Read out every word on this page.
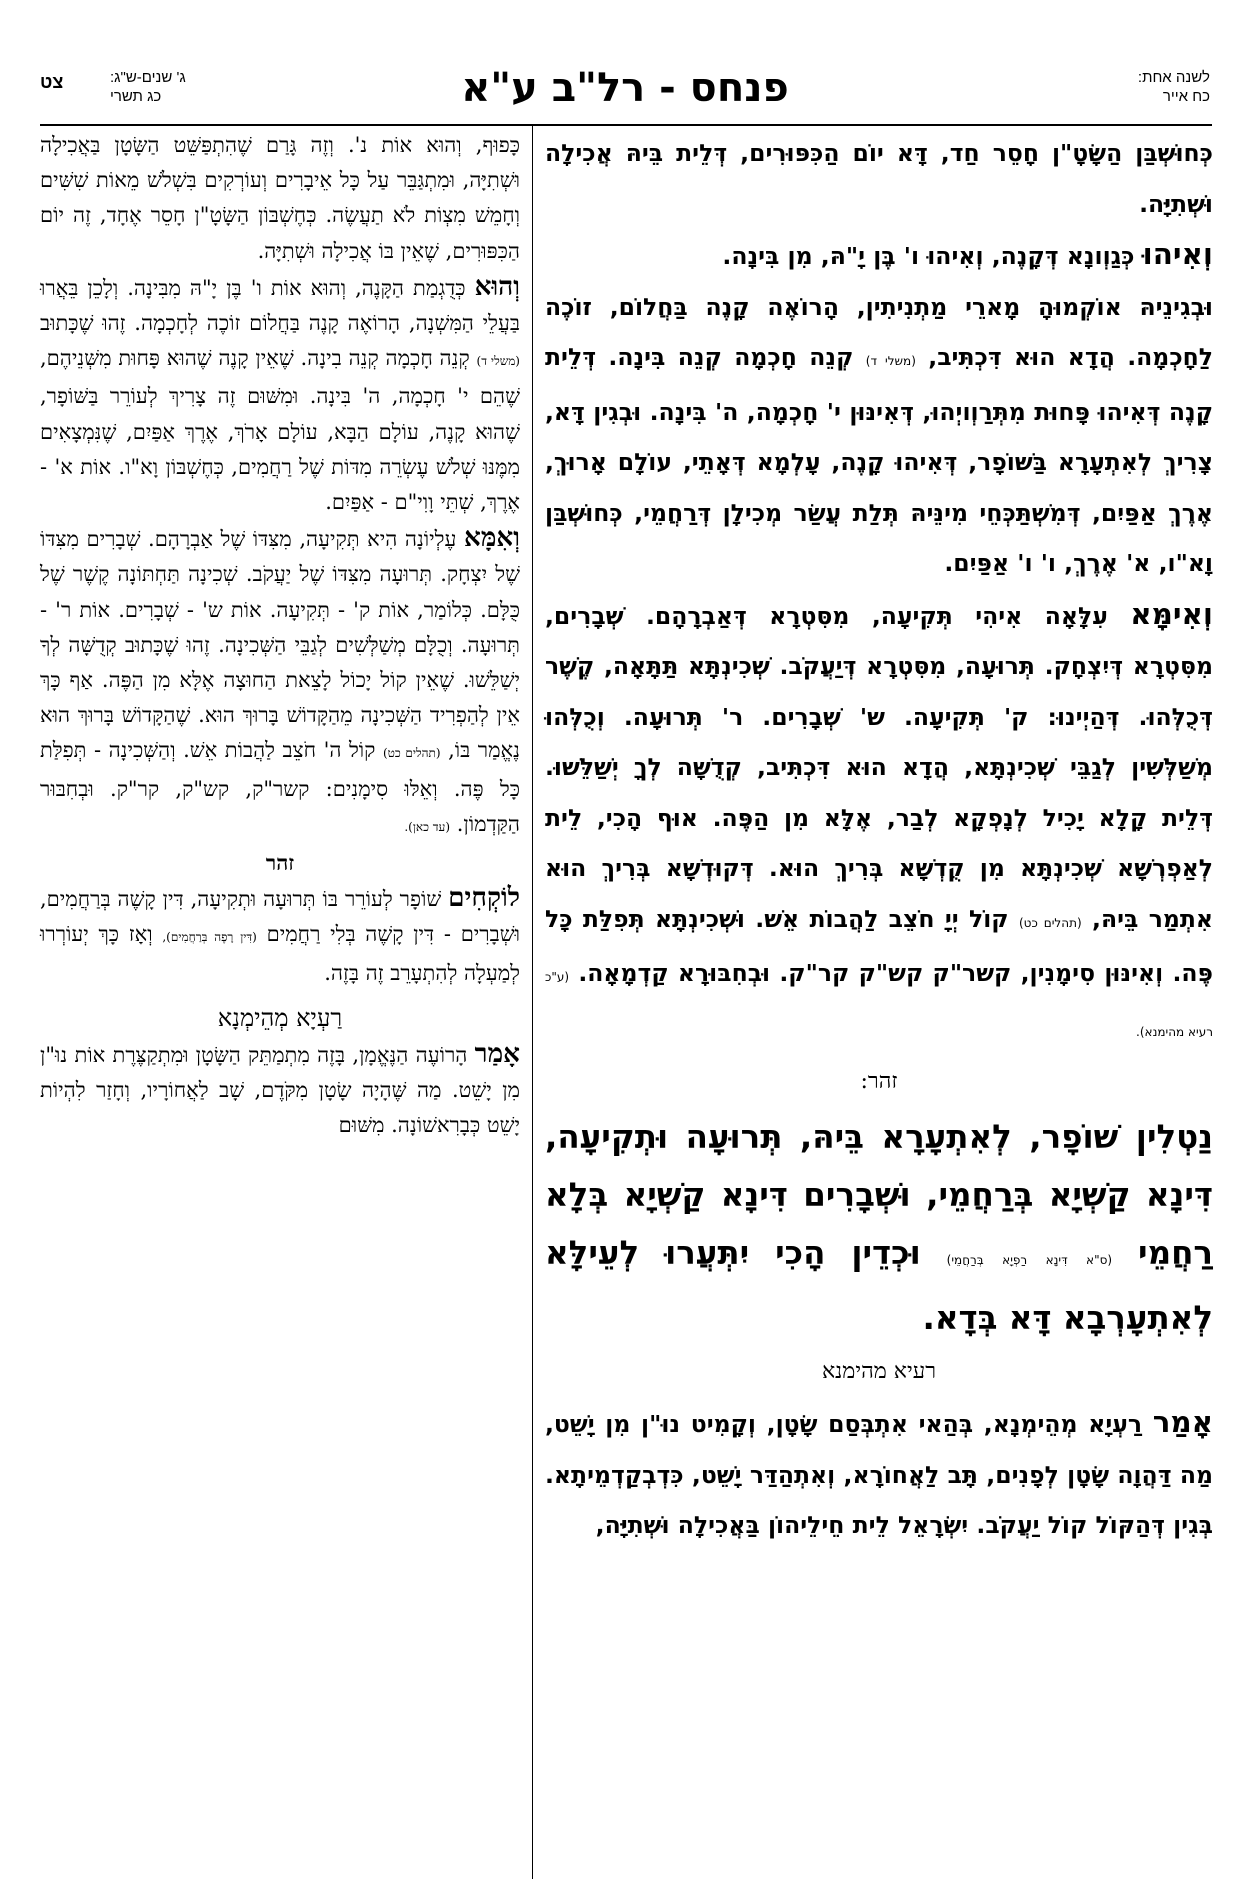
לשנה אחת:
כח אייר
פנחס - רל"ב ע"א
ג' שנים-ש"ג:
כג תשרי
צט

כְּחוּשְׁבַּן הַשָּׂטָ"ן חָסֵר חַד, דָּא יוֹם הַכִּפּוּרִים, דְּלֵית בֵּיהּ אֲכִילָה וּשְׁתִיָּה.

וְאִיהוּ כְּגַוְונָא דְּקָנֶה, וְאִיהוּ ו' בֶּן יָ"הּ, מִן בִּינָה.

וּבְגִינֵיהּ אוֹקְמוּהָ מָארֵי מַתְנִיתִין, הָרוֹאֶה קָנֶה בַּחֲלוֹם, זוֹכֶה לַחָכְמָה. הֲדָא הוּא דִּכְתִּיב, (משלי ד) קְנֵה חָכְמָה קְנֵה בִּינָה. דְּלֵית קָנֶה דְּאִיהוּ פָּחוּת מִתְּרַוְויְהוּ, דְּאִינּוּן י' חָכְמָה, ה' בִּינָה. וּבְגִין דָּא, צָרִיךְ לְאִתְעָרָא בַּשּׁוֹפָר, דְּאִיהוּ קָנֶה, עָלְמָא דְּאָתֵי, עוֹלָם אָרוּךְ, אֶרֶךְ אַפַּיִם, דְּמִשְׁתַּכְּחֵי מִינֵּיהּ תְּלַת עֲשַׂר מְכִילָן דְּרַחֲמֵי, כְּחוּשְׁבַּן וָא"ו, א' אֶרֶךְ, ו' ו' אַפַּיִם.

וְאִימָּא עִלָּאָה אִיהִי תְּקִיעָה, מִסִּטְרָא דְּאַבְרָהָם. שְׁבָרִים, מִסִּטְרָא דְּיִצְחָק. תְּרוּעָה, מִסִּטְרָא דְּיַעֲקֹב. שְׁכִינְתָּא תַּתָּאָה, קֶשֶׁר דְּכֻלְּהוּ. דְּהַיְינוּ: ק' תְּקִיעָה. ש' שְׁבָרִים. ר' תְּרוּעָה. וְכֻלְּהוּ מְשַׁלְּשִׁין לְגַבֵּי שְׁכִינְתָּא, הֲדָא הוּא דִּכְתִּיב, קְדֻשָּׁה לְךָ יְשַׁלֵּשׁוּ. דְּלֵית קָלָא יָכִיל לְנָפְקָא לְבַר, אֶלָּא מִן הַפֶּה. אוּף הָכִי, לֵית לְאַפְרְשָׁא שְׁכִינְתָּא מִן קֻדְשָׁא בְּרִיךְ הוּא. דְּקוּדְשָׁא בְּרִיךְ הוּא אִתְמַר בֵּיהּ, (תהלים כט) קוֹל יְיָ חֹצֵב לַהֲבוֹת אֵשׁ. וּשְׁכִינְתָּא תְּפִלַּת כָּל פֶּה. וְאִינּוּן סִימָנִין, קשר"ק קש"ק קר"ק. וּבְחִבּוּרָא קַדְמָאָה. (ע"כ רעיא מהימנא).

זהר:

נַטְלִין שׁוֹפָר, לְאִתְעָרָא בֵּיהּ, תְּרוּעָה וּתְקִיעָה, דִּינָא קַשְׁיָא בְּרַחֲמֵי, וּשְׁבָרִים דִּינָא קַשְׁיָא בְּלָא רַחֲמֵי (ס"א דִּינָא רַפְיָא בְּרַחֲמֵי) וּכְדֵין הָכִי יִתְּעֲרוּ לְעֵילָּא לְאִתְעָרְבָא דָּא בְּדָא.

רעיא מהימנא

אָמַר רַעְיָא מְהֵימְנָא, בְּהַאי אִתְבְּסַם שָׂטָן, וְקָמִיט נוּ"ן מִן יָשֵׁט, מַה דַּהֲוָה שָׂטָן לְפָנִים, תָּב לַאֲחוֹרָא, וְאִתְהַדַּר יָשֵׁט, כִּדְבְקַדְמֵיתָא. בְּגִין דְּהַקּוֹל קוֹל יַעֲקֹב. יִשְׂרָאֵל לֵית חֵילֵיהוֹן בַּאֲכִילָה וּשְׁתִיָּה,

כָּפוּף, וְהוּא אוֹת נ'. וְזֶה גָּרַם שֶׁהִתְפַּשֵּׁט הַשָּׂטָן בַּאֲכִילָה וּשְׁתִיָּה, וּמִתְגַּבֵּר עַל כָּל אֵיבָרִים וְעוֹרְקִים בִּשְׁלֹשׁ מֵאוֹת שִׁשִּׁים וְחָמֵשׁ מִצְוֹת לֹא תַעֲשֶׂה. כְּחֶשְׁבּוֹן הַשָּׂטָ"ן חָסֵר אֶחָד, זֶה יוֹם הַכִּפּוּרִים, שֶׁאֵין בּוֹ אֲכִילָה וּשְׁתִיָּה.

וְהוּא כְּדֻגְמַת הַקָּנֶה, וְהוּא אוֹת ו' בֶּן יָ"הּ מִבִּינָה. וְלָכֵן בֵּאֲרוּ בַּעֲלֵי הַמִּשְׁנָה, הָרוֹאֶה קָנֶה בַּחֲלוֹם זוֹכֶה לְחָכְמָה. זֶהוּ שֶׁכָּתוּב (משלי ד) קְנֵה חָכְמָה קְנֵה בִינָה. שֶׁאֵין קָנֶה שֶׁהוּא פָּחוּת מִשְּׁנֵיהֶם, שֶׁהֵם י' חָכְמָה, ה' בִּינָה. וּמִשּׁוּם זֶה צָרִיךְ לְעוֹרֵר בַּשּׁוֹפָר, שֶׁהוּא קָנֶה, עוֹלָם הַבָּא, עוֹלָם אָרֹךְ, אֶרֶךְ אַפַּיִם, שֶׁנִּמְצָאִים מִמֶּנּוּ שְׁלֹשׁ עֶשְׂרֵה מִדּוֹת שֶׁל רַחֲמִים, כְּחֶשְׁבּוֹן וָא"ו. אוֹת א' - אֶרֶךְ, שְׁתֵּי וָוִי"ם - אַפַּיִם.

וְאִמָּא עֶלְיוֹנָה הִיא תְּקִיעָה, מִצִּדּוֹ שֶׁל אַבְרָהָם. שְׁבָרִים מִצִּדּוֹ שֶׁל יִצְחָק. תְּרוּעָה מִצִּדּוֹ שֶׁל יַעֲקֹב. שְׁכִינָה תַּחְתּוֹנָה קֶשֶׁר שֶׁל כֻּלָּם. כְּלוֹמַר, אוֹת ק' - תְּקִיעָה. אוֹת ש' - שְׁבָרִים. אוֹת ר' - תְּרוּעָה. וְכֻלָּם מְשַׁלְּשִׁים לְגַבֵּי הַשְּׁכִינָה. זֶהוּ שֶׁכָּתוּב קְדֻשָּׁה לְךָ יְשַׁלֵּשׁוּ. שֶׁאֵין קוֹל יָכוֹל לָצֵאת הַחוּצָה אֶלָּא מִן הַפֶּה. אַף כָּךְ אֵין לְהַפְרִיד הַשְּׁכִינָה מֵהַקָּדוֹשׁ בָּרוּךְ הוּא. שֶׁהַקָּדוֹשׁ בָּרוּךְ הוּא נֶאֱמַר בּוֹ, (תהלים כט) קוֹל ה' חֹצֵב לַהֲבוֹת אֵשׁ. וְהַשְּׁכִינָה - תְּפִלַּת כָּל פֶּה. וְאֵלּוּ סִימָנִים: קשר"ק, קש"ק, קר"ק. וּבְחִבּוּר הַקַּדְמוֹן. (עד כאן).

זהר

לוֹקְחִים שׁוֹפָר לְעוֹרֵר בּוֹ תְּרוּעָה וּתְקִיעָה, דִּין קָשֶׁה בְּרַחֲמִים, וּשְׁבָרִים - דִּין קָשֶׁה בְּלִי רַחֲמִים (דִּין רָפֶה בְּרַחֲמִים), וְאָז כָּךְ יְעוֹרְרוּ לְמַעְלָה לְהִתְעָרֵב זֶה בָּזֶה.

רַעְיָא מְהֵימְנָא

אָמַר הָרוֹעֶה הַנֶּאֱמָן, בָּזֶה מִתְמַתֵּק הַשָּׂטָן וּמִתְקַצֶּרֶת אוֹת נוּ"ן מִן יָשֵׁט. מַה שֶּׁהָיָה שָׂטָן מִקֹּדֶם, שָׁב לַאֲחוֹרָיו, וְחָזַר לִהְיוֹת יָשֵׁט כְּבָרִאשׁוֹנָה. מִשּׁוּם
